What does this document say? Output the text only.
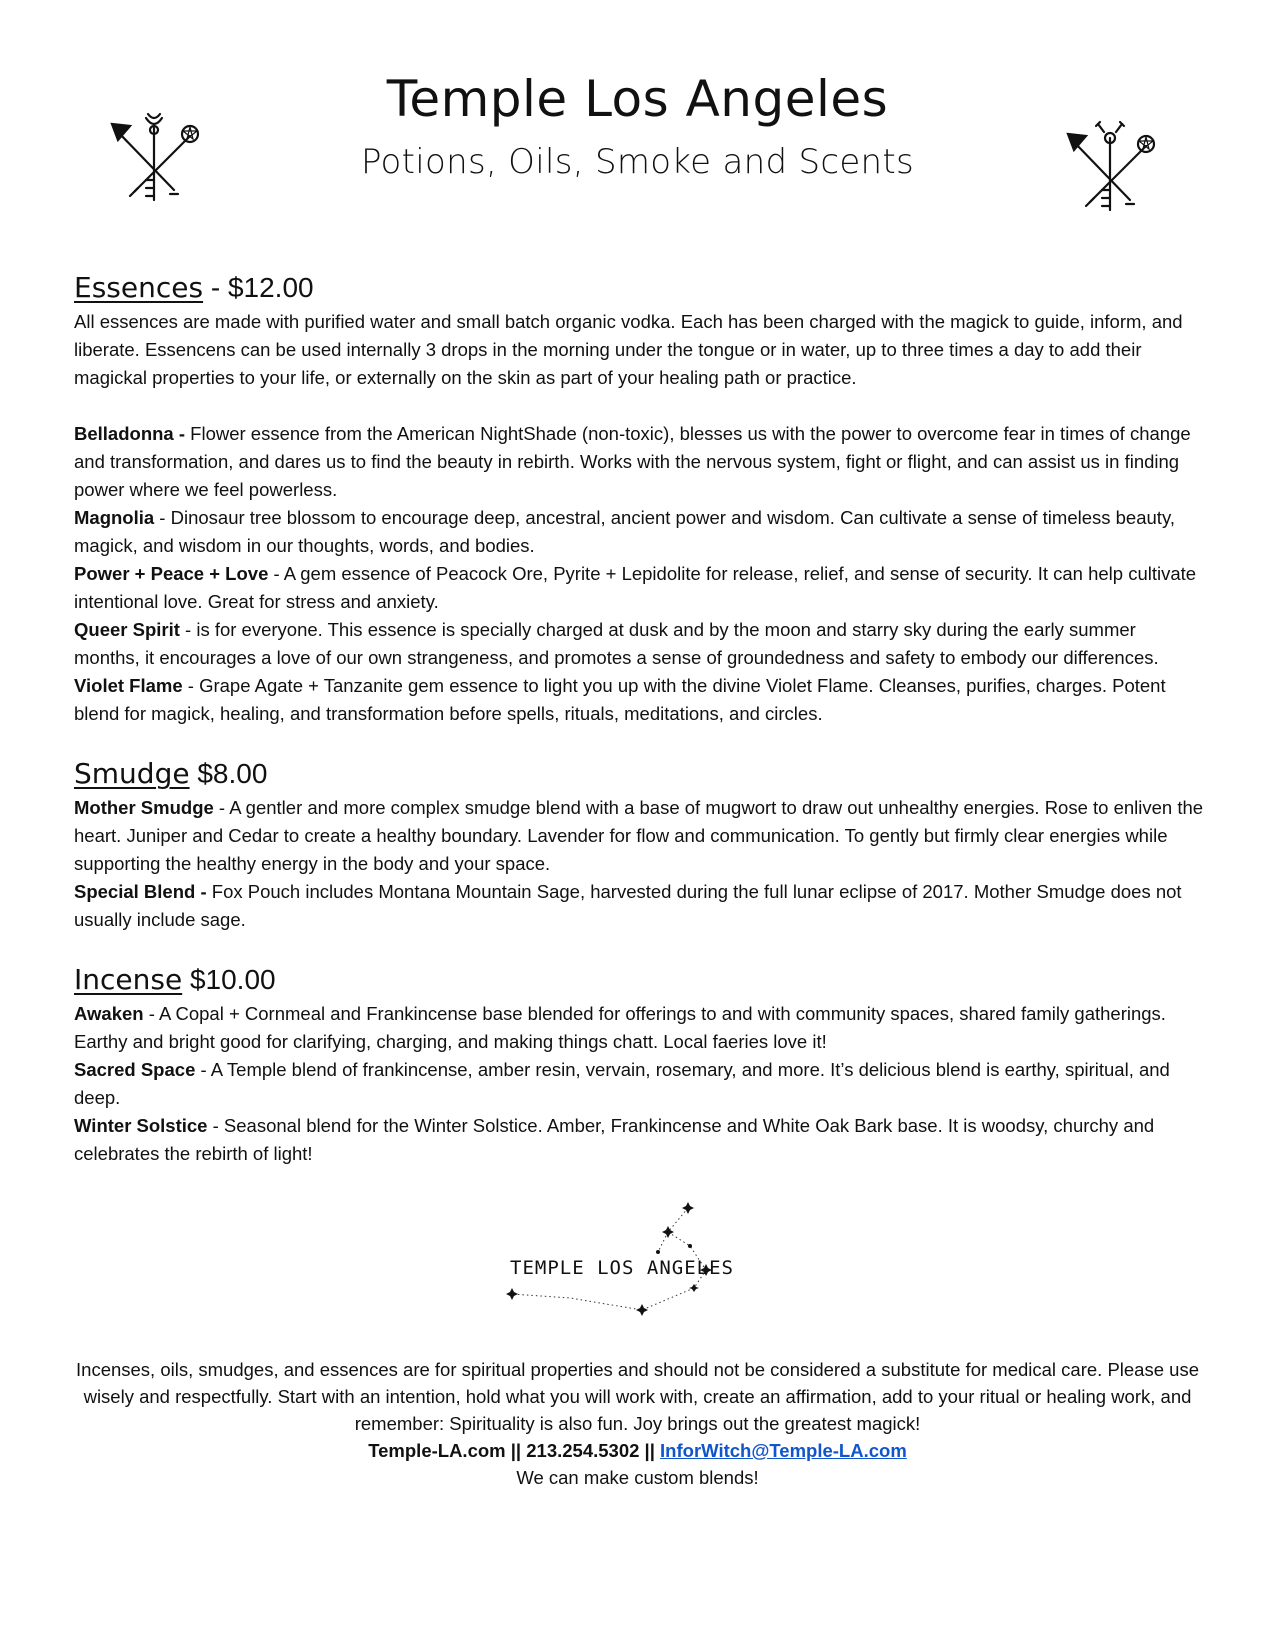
Temple Los Angeles
Potions, Oils, Smoke and Scents
Essences - $12.00

All essences are made with purified water and small batch organic vodka. Each has been charged with the magick to guide, inform, and liberate. Essencens can be used internally 3 drops in the morning under the tongue or in water, up to three times a day to add their magickal properties to your life, or externally on the skin as part of your healing path or practice.

Belladonna - Flower essence from the American NightShade (non-toxic), blesses us with the power to overcome fear in times of change and transformation, and dares us to find the beauty in rebirth. Works with the nervous system, fight or flight, and can assist us in finding power where we feel powerless.

Magnolia - Dinosaur tree blossom to encourage deep, ancestral, ancient power and wisdom. Can cultivate a sense of timeless beauty, magick, and wisdom in our thoughts, words, and bodies.

Power + Peace + Love - A gem essence of Peacock Ore, Pyrite + Lepidolite for release, relief, and sense of security. It can help cultivate intentional love. Great for stress and anxiety.

Queer Spirit - is for everyone. This essence is specially charged at dusk and by the moon and starry sky during the early summer months, it encourages a love of our own strangeness, and promotes a sense of groundedness and safety to embody our differences.

Violet Flame - Grape Agate + Tanzanite gem essence to light you up with the divine Violet Flame. Cleanses, purifies, charges. Potent blend for magick, healing, and transformation before spells, rituals, meditations, and circles.

Smudge $8.00

Mother Smudge - A gentler and more complex smudge blend with a base of mugwort to draw out unhealthy energies. Rose to enliven the heart. Juniper and Cedar to create a healthy boundary. Lavender for flow and communication. To gently but firmly clear energies while supporting the healthy energy in the body and your space.

Special Blend - Fox Pouch includes Montana Mountain Sage, harvested during the full lunar eclipse of 2017. Mother Smudge does not usually include sage.

Incense $10.00

Awaken - A Copal + Cornmeal and Frankincense base blended for offerings to and with community spaces, shared family gatherings. Earthy and bright good for clarifying, charging, and making things chatt. Local faeries love it!

Sacred Space - A Temple blend of frankincense, amber resin, vervain, rosemary, and more. It’s delicious blend is earthy, spiritual, and deep.

Winter Solstice - Seasonal blend for the Winter Solstice. Amber, Frankincense and White Oak Bark base. It is woodsy, churchy and celebrates the rebirth of light!

TEMPLE LOS ANGELES

Incenses, oils, smudges, and essences are for spiritual properties and should not be considered a substitute for medical care. Please use wisely and respectfully. Start with an intention, hold what you will work with, create an affirmation, add to your ritual or healing work, and remember: Spirituality is also fun. Joy brings out the greatest magick!

Temple-LA.com || 213.254.5302 || InforWitch@Temple-LA.com

We can make custom blends!
